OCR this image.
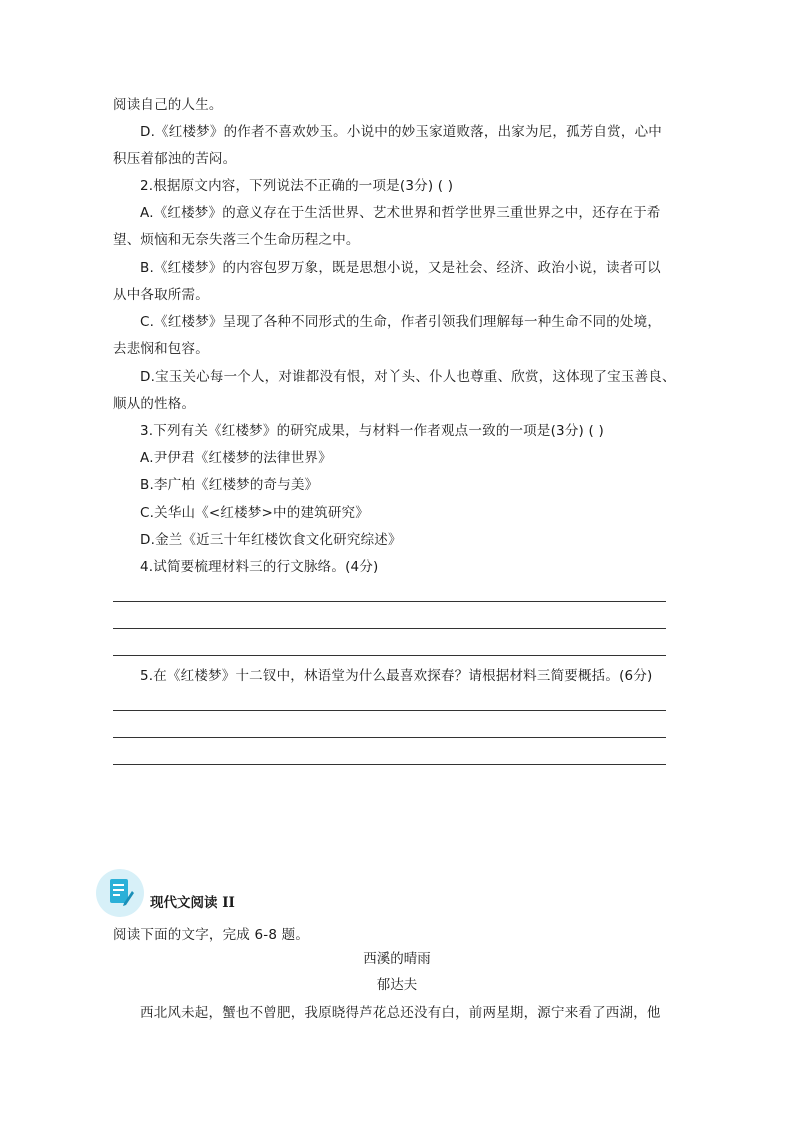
阅读自己的人生。
D.《红楼梦》的作者不喜欢妙玉。小说中的妙玉家道败落，出家为尼，孤芳自赏，心中
积压着郁浊的苦闷。
2.根据原文内容，下列说法不正确的一项是(3分) ( )
A.《红楼梦》的意义存在于生活世界、艺术世界和哲学世界三重世界之中，还存在于希
望、烦恼和无奈失落三个生命历程之中。
B.《红楼梦》的内容包罗万象，既是思想小说，又是社会、经济、政治小说，读者可以
从中各取所需。
C.《红楼梦》呈现了各种不同形式的生命，作者引领我们理解每一种生命不同的处境，
去悲悯和包容。
D.宝玉关心每一个人，对谁都没有恨，对丫头、仆人也尊重、欣赏，这体现了宝玉善良、
顺从的性格。
3.下列有关《红楼梦》的研究成果，与材料一作者观点一致的一项是(3分) ( )
A.尹伊君《红楼梦的法律世界》
B.李广柏《红楼梦的奇与美》
C.关华山《<红楼梦>中的建筑研究》
D.金兰《近三十年红楼饮食文化研究综述》
4.试简要梳理材料三的行文脉络。(4分)
5.在《红楼梦》十二钗中，林语堂为什么最喜欢探春？请根据材料三简要概括。(6分)
现代文阅读 II
阅读下面的文字，完成 6-8 题。
西溪的晴雨
郁达夫
西北风未起，蟹也不曾肥，我原晓得芦花总还没有白，前两星期，源宁来看了西湖，他
